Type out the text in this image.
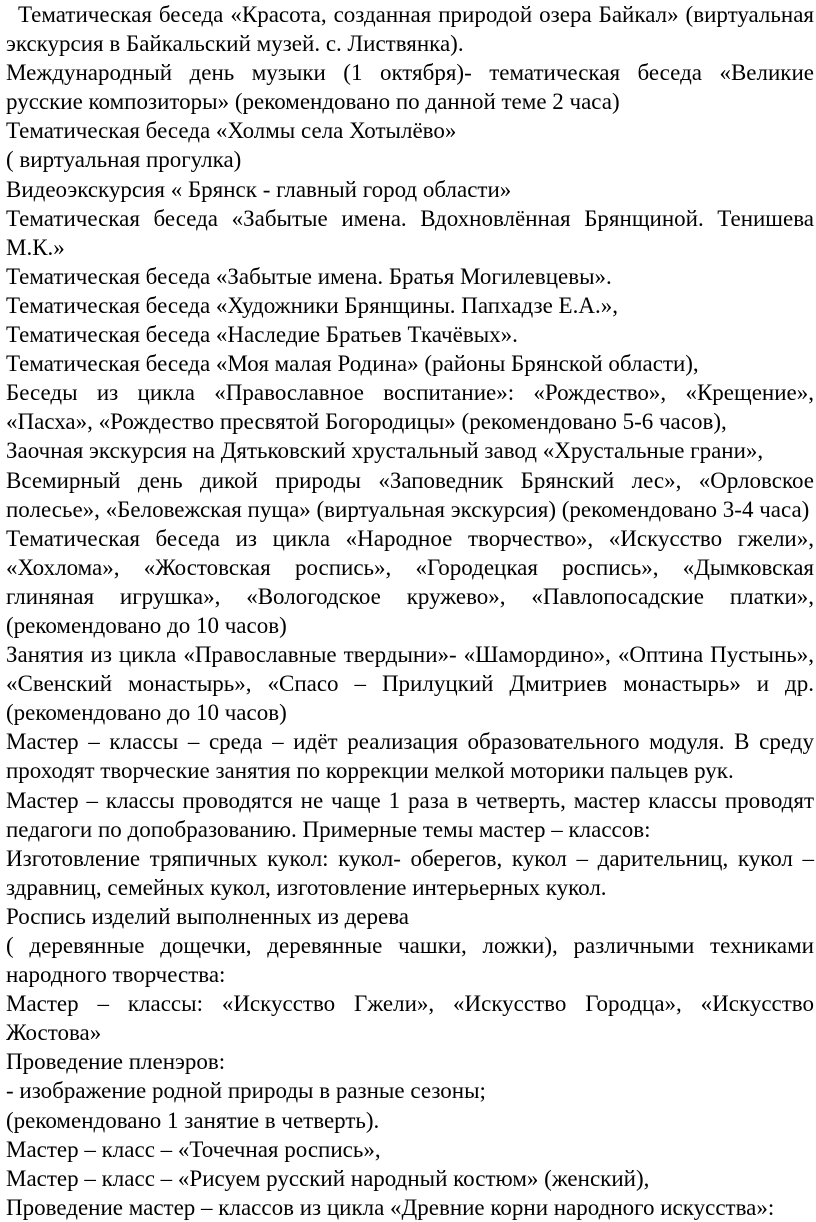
Тематическая беседа «Красота, созданная природой озера Байкал» (виртуальная экскурсия в Байкальский музей. с. Листвянка).

Международный день музыки (1 октября)- тематическая беседа «Великие русские композиторы» (рекомендовано по данной теме 2 часа)

Тематическая беседа «Холмы села Хотылёво»

( виртуальная прогулка)

Видеоэкскурсия « Брянск - главный город области»

Тематическая беседа «Забытые имена. Вдохновлённая Брянщиной. Тенишева М.К.»

Тематическая беседа «Забытые имена. Братья Могилевцевы».

Тематическая беседа «Художники Брянщины. Папхадзе Е.А.»,

Тематическая беседа «Наследие Братьев Ткачёвых».

Тематическая беседа «Моя малая Родина» (районы Брянской области),

Беседы из цикла «Православное воспитание»: «Рождество», «Крещение», «Пасха», «Рождество пресвятой Богородицы» (рекомендовано 5-6 часов),

Заочная экскурсия на Дятьковский хрустальный завод «Хрустальные грани»,

Всемирный день дикой природы «Заповедник Брянский лес», «Орловское полесье», «Беловежская пуща» (виртуальная экскурсия) (рекомендовано 3-4 часа)

Тематическая беседа из цикла «Народное творчество», «Искусство гжели», «Хохлома», «Жостовская роспись», «Городецкая роспись», «Дымковская глиняная игрушка», «Вологодское кружево», «Павлопосадские платки», (рекомендовано до 10 часов)

Занятия из цикла «Православные твердыни»- «Шамордино», «Оптина Пустынь», «Свенский монастырь», «Спасо – Прилуцкий Дмитриев монастырь» и др.(рекомендовано до 10 часов)

Мастер – классы – среда – идёт реализация образовательного модуля. В среду проходят творческие занятия по коррекции мелкой моторики пальцев рук.

Мастер – классы проводятся не чаще 1 раза в четверть, мастер классы проводят педагоги по допобразованию. Примерные темы мастер – классов:

Изготовление тряпичных кукол: кукол- оберегов, кукол – дарительниц, кукол – здравниц, семейных кукол, изготовление интерьерных кукол.

Роспись изделий выполненных из дерева

( деревянные дощечки, деревянные чашки, ложки), различными техниками народного творчества:

Мастер – классы: «Искусство Гжели», «Искусство Городца», «Искусство Жостова»

Проведение пленэров:

- изображение родной природы в разные сезоны;

(рекомендовано 1 занятие в четверть).

Мастер – класс – «Точечная роспись»,

Мастер – класс – «Рисуем русский народный костюм» (женский),

Проведение мастер – классов из цикла «Древние корни народного искусства»:
